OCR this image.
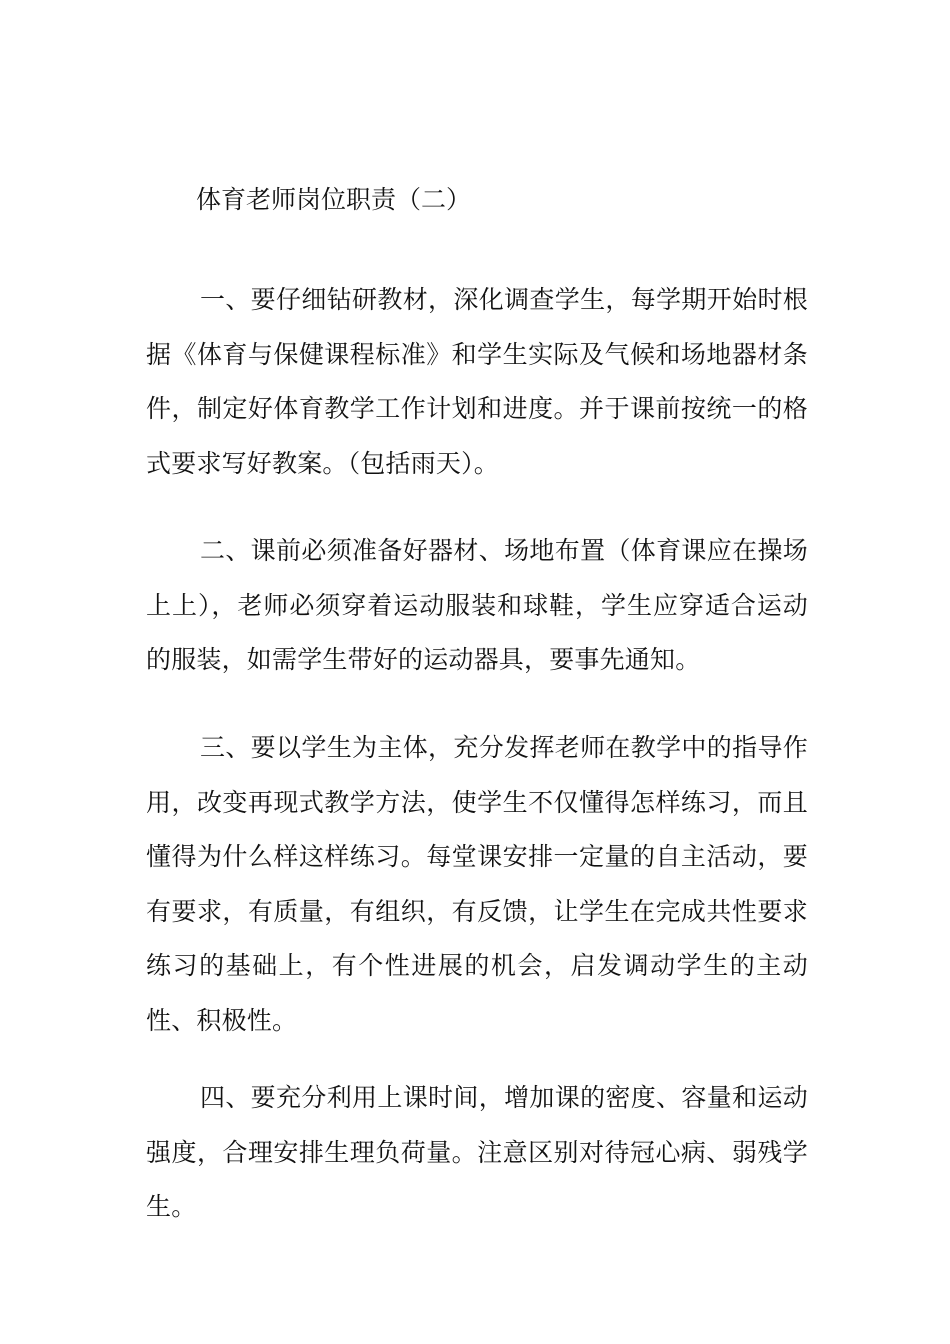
体育老师岗位职责（二）

一、要仔细钻研教材，深化调查学生，每学期开始时根据《体育与保健课程标准》和学生实际及气候和场地器材条件，制定好体育教学工作计划和进度。并于课前按统一的格式要求写好教案。（包括雨天）。

二、课前必须准备好器材、场地布置（体育课应在操场上上），老师必须穿着运动服装和球鞋，学生应穿适合运动的服装，如需学生带好的运动器具，要事先通知。

三、要以学生为主体，充分发挥老师在教学中的指导作用，改变再现式教学方法，使学生不仅懂得怎样练习，而且懂得为什么样这样练习。每堂课安排一定量的自主活动，要有要求，有质量，有组织，有反馈，让学生在完成共性要求练习的基础上，有个性进展的机会，启发调动学生的主动性、积极性。

四、要充分利用上课时间，增加课的密度、容量和运动强度，合理安排生理负荷量。注意区别对待冠心病、弱残学生。
